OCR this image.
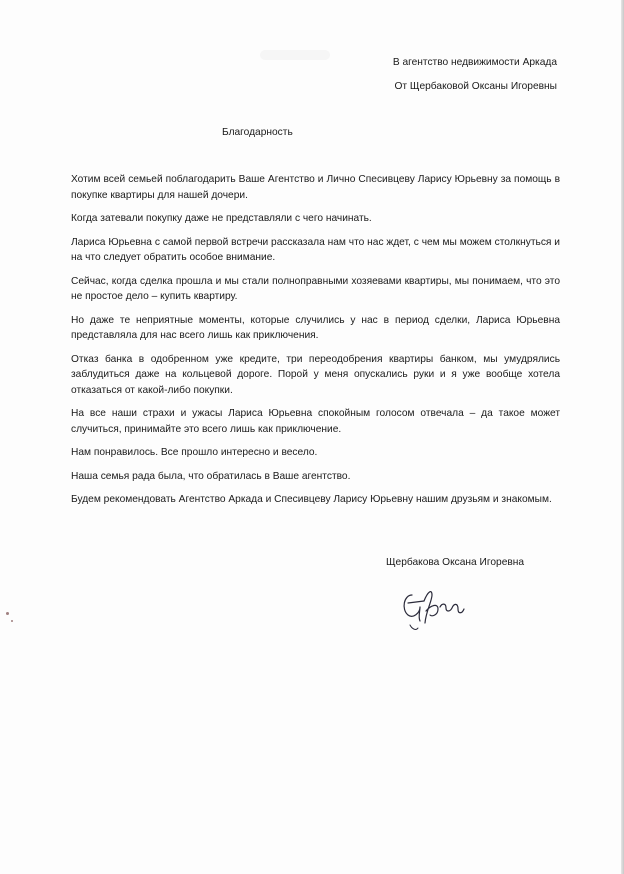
В агентство недвижимости Аркада
От Щербаковой Оксаны Игоревны
Благодарность

Хотим всей семьей поблагодарить Ваше Агентство и Лично Спесивцеву Ларису Юрьевну за помощь в покупке квартиры для нашей дочери.

Когда затевали покупку даже не представляли с чего начинать.

Лариса Юрьевна с самой первой встречи рассказала нам что нас ждет, с чем мы можем столкнуться и на что следует обратить особое внимание.

Сейчас, когда сделка прошла и мы стали полноправными хозяевами квартиры, мы понимаем, что это не простое дело – купить квартиру.

Но даже те неприятные моменты, которые случились у нас в период сделки, Лариса Юрьевна представляла для нас всего лишь как приключения.

Отказ банка в одобренном уже кредите, три переодобрения квартиры банком, мы умудрялись заблудиться даже на кольцевой дороге. Порой у меня опускались руки и я уже вообще хотела отказаться от какой-либо покупки.

На все наши страхи и ужасы Лариса Юрьевна спокойным голосом отвечала – да такое может случиться, принимайте это всего лишь как приключение.

Нам понравилось. Все прошло интересно и весело.

Наша семья рада была, что обратилась в Ваше агентство.

Будем рекомендовать Агентство Аркада и Спесивцеву Ларису Юрьевну нашим друзьям и знакомым.

Щербакова Оксана Игоревна
